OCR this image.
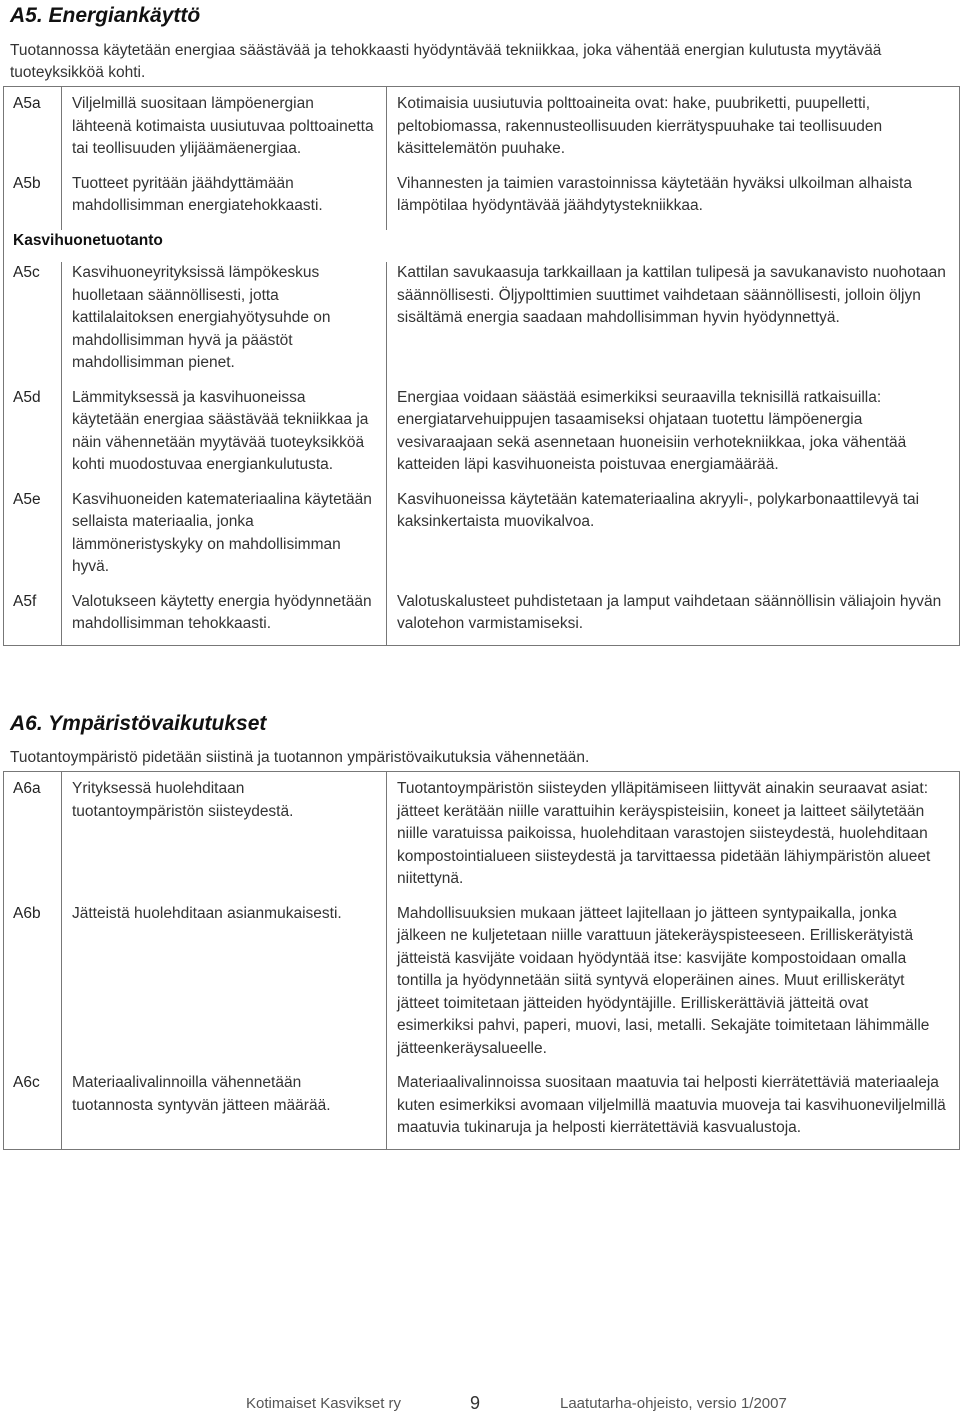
A5. Energiankäyttö

Tuotannossa käytetään energiaa säästävää ja tehokkaasti hyödyntävää tekniikkaa, joka vähentää energian kulutusta myytävää tuoteyksikköä kohti.

A5a	Viljelmillä suositaan lämpöenergian lähteenä kotimaista uusiutuvaa polttoainetta tai teollisuuden ylijäämäenergiaa.	Kotimaisia uusiutuvia polttoaineita ovat: hake, puubriketti, puupelletti, peltobiomassa, rakennusteollisuuden kierrätyspuuhake tai teollisuuden käsittelemätön puuhake.
A5b	Tuotteet pyritään jäähdyttämään mahdollisimman energiatehokkaasti.	Vihannesten ja taimien varastoinnissa käytetään hyväksi ulkoilman alhaista lämpötilaa hyödyntävää jäähdytystekniikkaa.
Kasvihuonetuotanto		
A5c	Kasvihuoneyrityksissä lämpökeskus huolletaan säännöllisesti, jotta kattilalaitoksen energiahyötysuhde on mahdollisimman hyvä ja päästöt mahdollisimman pienet.	Kattilan savukaasuja tarkkaillaan ja kattilan tulipesä ja savukanavisto nuohotaan säännöllisesti. Öljypolttimien suuttimet vaihdetaan säännöllisesti, jolloin öljyn sisältämä energia saadaan mahdollisimman hyvin hyödynnettyä.
A5d	Lämmityksessä ja kasvihuoneissa käytetään energiaa säästävää tekniikkaa ja näin vähennetään myytävää tuoteyksikköä kohti muodostuvaa energiankulutusta.	Energiaa voidaan säästää esimerkiksi seuraavilla teknisillä ratkaisuilla: energiatarvehuippujen tasaamiseksi ohjataan tuotettu lämpöenergia vesivaraajaan sekä asennetaan huoneisiin verhotekniikkaa, joka vähentää katteiden läpi kasvihuoneista poistuvaa energiamäärää.
A5e	Kasvihuoneiden katemateriaalina käytetään sellaista materiaalia, jonka lämmöneristyskyky on mahdollisimman hyvä.	Kasvihuoneissa käytetään katemateriaalina akryyli-, polykarbonaattilevyä tai kaksinkertaista muovikalvoa.
A5f	Valotukseen käytetty energia hyödynnetään mahdollisimman tehokkaasti.	Valotuskalusteet puhdistetaan ja lamput vaihdetaan säännöllisin väliajoin hyvän valotehon varmistamiseksi.
A6. Ympäristövaikutukset

Tuotantoympäristö pidetään siistinä ja tuotannon ympäristövaikutuksia vähennetään.

A6a	Yrityksessä huolehditaan tuotantoympäristön siisteydestä.	Tuotantoympäristön siisteyden ylläpitämiseen liittyvät ainakin seuraavat asiat: jätteet kerätään niille varattuihin keräyspisteisiin, koneet ja laitteet säilytetään niille varatuissa paikoissa, huolehditaan varastojen siisteydestä, huolehditaan kompostointialueen siisteydestä ja tarvittaessa pidetään lähiympäristön alueet niitettynä.
A6b	Jätteistä huolehditaan asianmukaisesti.	Mahdollisuuksien mukaan jätteet lajitellaan jo jätteen syntypaikalla, jonka jälkeen ne kuljetetaan niille varattuun jätekeräyspisteeseen. Erilliskerätyistä jätteistä kasvijäte voidaan hyödyntää itse: kasvijäte kompostoidaan omalla tontilla ja hyödynnetään siitä syntyvä eloperäinen aines. Muut erilliskerätyt jätteet toimitetaan jätteiden hyödyntäjille. Erilliskerättäviä jätteitä ovat esimerkiksi pahvi, paperi, muovi, lasi, metalli. Sekajäte toimitetaan lähimmälle jätteenkeräysalueelle.
A6c	Materiaalivalinnoilla vähennetään tuotannosta syntyvän jätteen määrää.	Materiaalivalinnoissa suositaan maatuvia tai helposti kierrätettäviä materiaaleja kuten esimerkiksi avomaan viljelmillä maatuvia muoveja tai kasvihuoneviljelmillä maatuvia tukinaruja ja helposti kierrätettäviä kasvualustoja.
Kotimaiset Kasvikset ry	9	Laatutarha-ohjeisto, versio 1/2007
